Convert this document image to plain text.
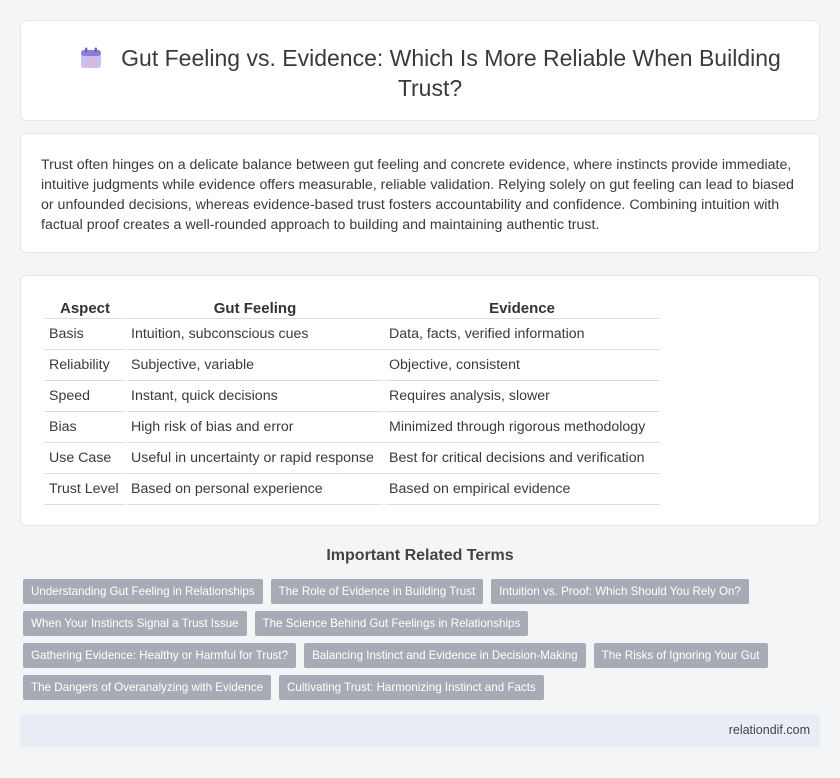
Gut Feeling vs. Evidence: Which Is More Reliable When Building Trust?

Trust often hinges on a delicate balance between gut feeling and concrete evidence, where instincts provide immediate, intuitive judgments while evidence offers measurable, reliable validation. Relying solely on gut feeling can lead to biased or unfounded decisions, whereas evidence-based trust fosters accountability and confidence. Combining intuition with factual proof creates a well-rounded approach to building and maintaining authentic trust.

Aspect	Gut Feeling	Evidence
Basis	Intuition, subconscious cues	Data, facts, verified information
Reliability	Subjective, variable	Objective, consistent
Speed	Instant, quick decisions	Requires analysis, slower
Bias	High risk of bias and error	Minimized through rigorous methodology
Use Case	Useful in uncertainty or rapid response	Best for critical decisions and verification
Trust Level	Based on personal experience	Based on empirical evidence
Important Related Terms
Understanding Gut Feeling in Relationships	The Role of Evidence in Building Trust	Intuition vs. Proof: Which Should You Rely On?
When Your Instincts Signal a Trust Issue	The Science Behind Gut Feelings in Relationships
Gathering Evidence: Healthy or Harmful for Trust?	Balancing Instinct and Evidence in Decision-Making	The Risks of Ignoring Your Gut
The Dangers of Overanalyzing with Evidence	Cultivating Trust: Harmonizing Instinct and Facts
relationdif.com
